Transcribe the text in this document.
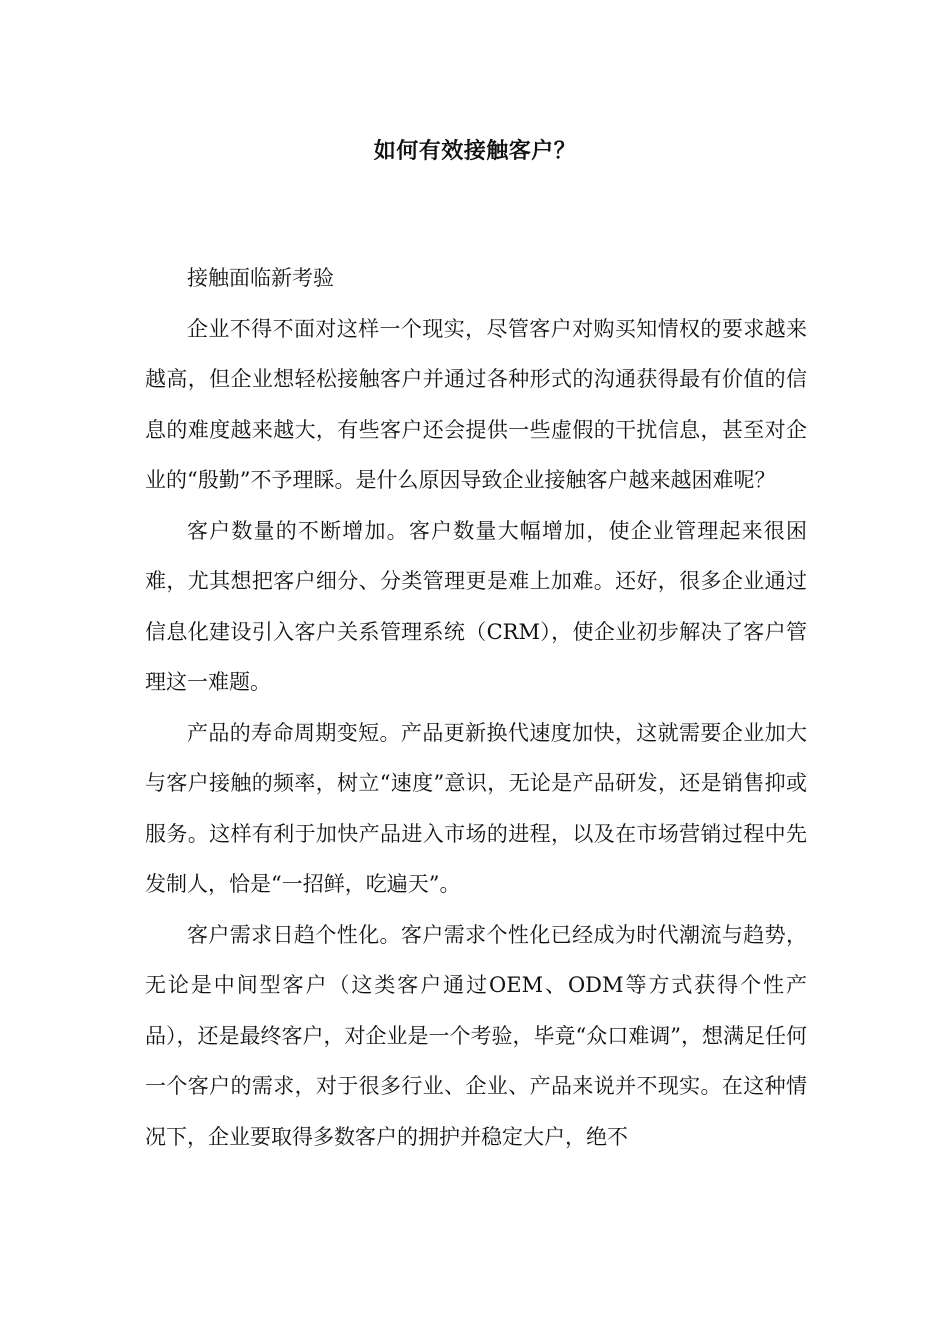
如何有效接触客户？

接触面临新考验

企业不得不面对这样一个现实，尽管客户对购买知情权的要求越来越高，但企业想轻松接触客户并通过各种形式的沟通获得最有价值的信息的难度越来越大，有些客户还会提供一些虚假的干扰信息，甚至对企业的“殷勤”不予理睬。是什么原因导致企业接触客户越来越困难呢？

客户数量的不断增加。客户数量大幅增加，使企业管理起来很困难，尤其想把客户细分、分类管理更是难上加难。还好，很多企业通过信息化建设引入客户关系管理系统（CRM），使企业初步解决了客户管理这一难题。

产品的寿命周期变短。产品更新换代速度加快，这就需要企业加大与客户接触的频率，树立“速度”意识，无论是产品研发，还是销售抑或服务。这样有利于加快产品进入市场的进程，以及在市场营销过程中先发制人，恰是“一招鲜，吃遍天”。

客户需求日趋个性化。客户需求个性化已经成为时代潮流与趋势，无论是中间型客户（这类客户通过OEM、ODM等方式获得个性产品），还是最终客户，对企业是一个考验，毕竟“众口难调”，想满足任何一个客户的需求，对于很多行业、企业、产品来说并不现实。在这种情况下，企业要取得多数客户的拥护并稳定大户，绝不
